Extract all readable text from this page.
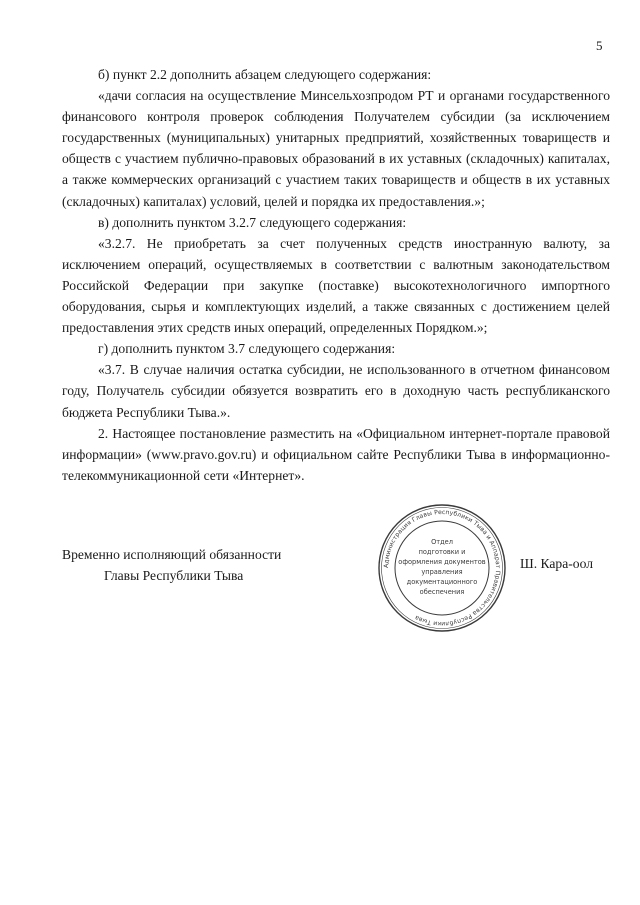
5

б) пункт 2.2 дополнить абзацем следующего содержания:

«дачи согласия на осуществление Минсельхозпродом РТ и органами государственного финансового контроля проверок соблюдения Получателем субсидии (за исключением государственных (муниципальных) унитарных предприятий, хозяйственных товариществ и обществ с участием публично-правовых образований в их уставных (складочных) капиталах, а также коммерческих организаций с участием таких товариществ и обществ в их уставных (складочных) капиталах) условий, целей и порядка их предоставления.»;

в) дополнить пунктом 3.2.7 следующего содержания:

«3.2.7. Не приобретать за счет полученных средств иностранную валюту, за исключением операций, осуществляемых в соответствии с валютным законодательством Российской Федерации при закупке (поставке) высокотехнологичного импортного оборудования, сырья и комплектующих изделий, а также связанных с достижением целей предоставления этих средств иных операций, определенных Порядком.»;

г) дополнить пунктом 3.7 следующего содержания:

«3.7. В случае наличия остатка субсидии, не использованного в отчетном финансовом году, Получатель субсидии обязуется возвратить его в доходную часть республиканского бюджета Республики Тыва.».

2. Настоящее постановление разместить на «Официальном интернет-портале правовой информации» (www.pravo.gov.ru) и официальном сайте Республики Тыва в информационно-телекоммуникационной сети «Интернет».

Временно исполняющий обязанности
Главы Республики Тыва
Администрация Главы Республики Тыва и Аппарат Правительства Республики Тыва
Отдел
подготовки и
оформления документов
управления
документационного
обеспечения
Ш. Кара-оол
